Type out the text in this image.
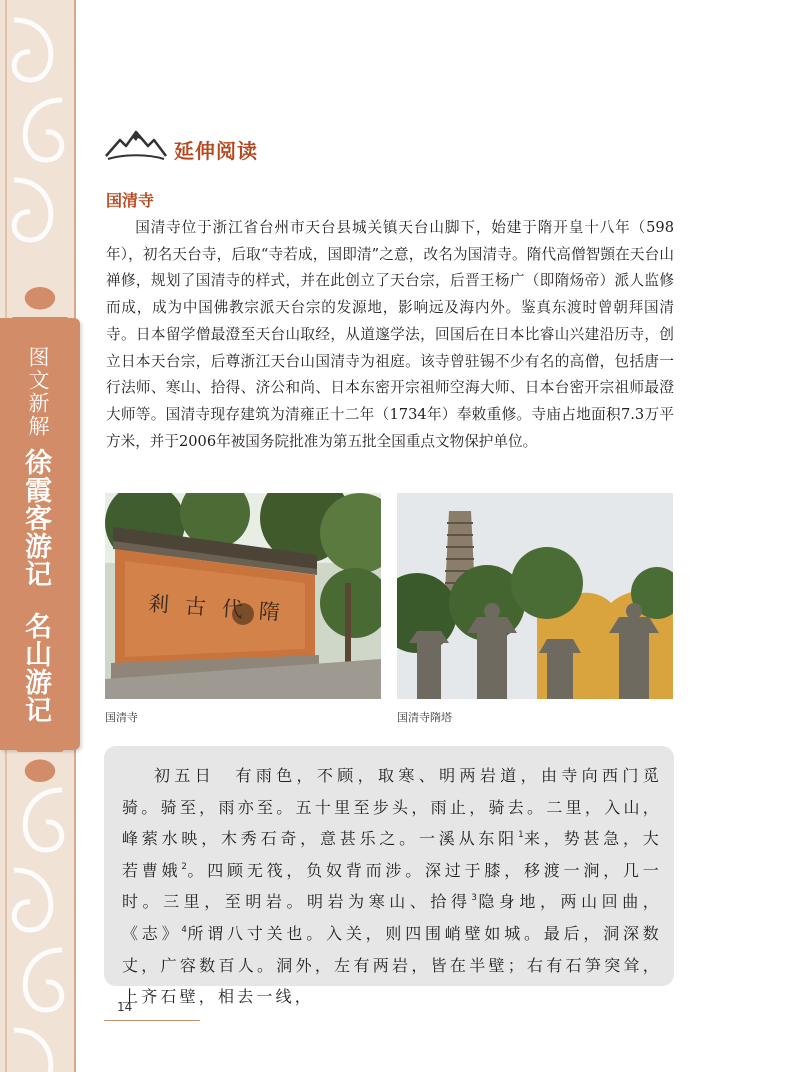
图文新解
徐霞客游记
名山游记
延伸阅读
国清寺

国清寺位于浙江省台州市天台县城关镇天台山脚下，始建于隋开皇十八年（598年），初名天台寺，后取“寺若成，国即清”之意，改名为国清寺。隋代高僧智顗在天台山禅修，规划了国清寺的样式，并在此创立了天台宗，后晋王杨广（即隋炀帝）派人监修而成，成为中国佛教宗派天台宗的发源地，影响远及海内外。鉴真东渡时曾朝拜国清寺。日本留学僧最澄至天台山取经，从道邃学法，回国后在日本比睿山兴建沿历寺，创立日本天台宗，后尊浙江天台山国清寺为祖庭。该寺曾驻锡不少有名的高僧，包括唐一行法师、寒山、拾得、济公和尚、日本东密开宗祖师空海大师、日本台密开宗祖师最澄大师等。国清寺现存建筑为清雍正十二年（1734年）奉敕重修。寺庙占地面积7.3万平方米，并于2006年被国务院批准为第五批全国重点文物保护单位。

国清寺	国清寺隋塔
剎古代隋

初五日　有雨色，不顾，取寒、明两岩道，由寺向西门觅骑。骑至，雨亦至。五十里至步头，雨止，骑去。二里，入山，峰萦水映，木秀石奇，意甚乐之。一溪从东阳$^1$来，势甚急，大若曹娥$^2$。四顾无筏，负奴背而涉。深过于膝，移渡一涧，几一时。三里，至明岩。明岩为寒山、拾得$^3$隐身地，两山回曲，《志》$^4$所谓八寸关也。入关，则四围峭壁如城。最后，洞深数丈，广容数百人。洞外，左有两岩，皆在半壁；右有石笋突耸，上齐石壁，相去一线，

14
